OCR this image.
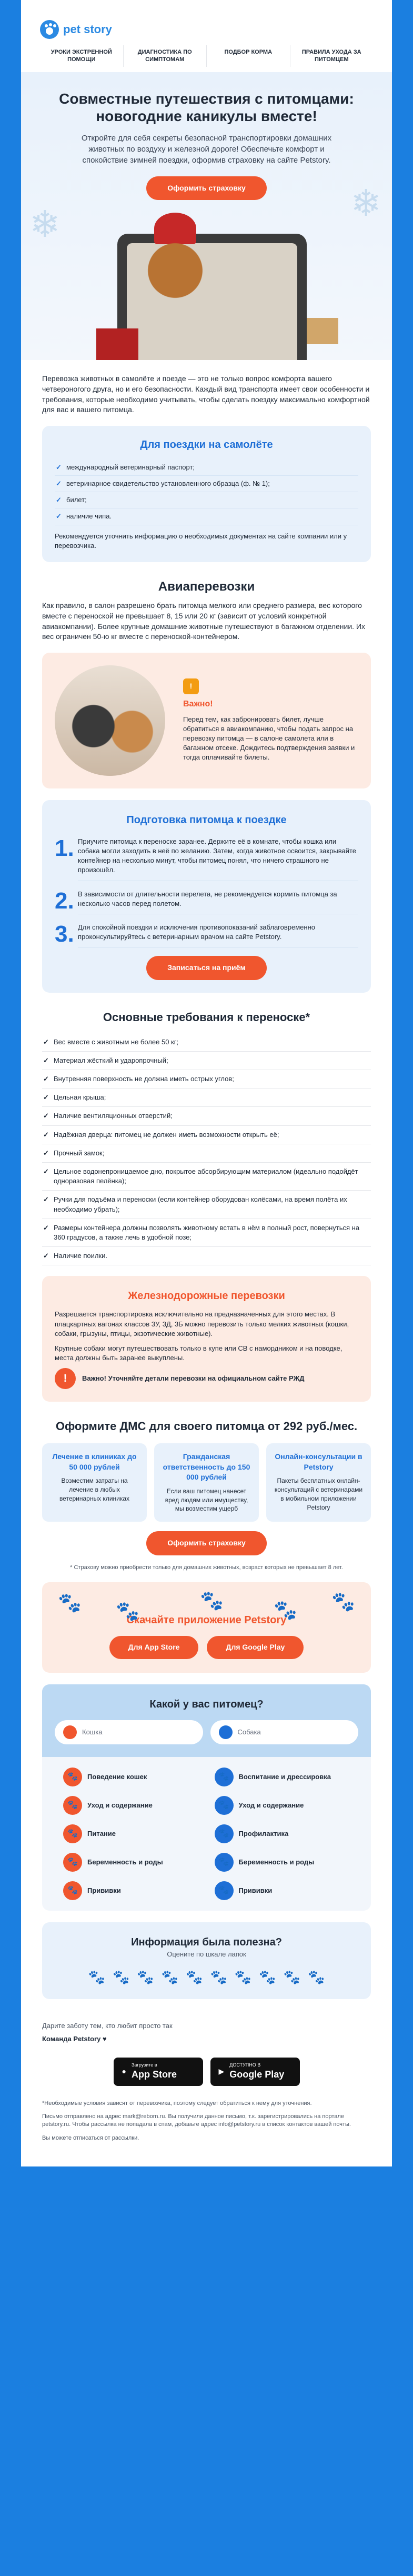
pet story
УРОКИ ЭКСТРЕННОЙ ПОМОЩИ
ДИАГНОСТИКА ПО СИМПТОМАМ
ПОДБОР КОРМА	ПРАВИЛА УХОДА ЗА ПИТОМЦЕМ
❄
❄
Совместные путешествия с питомцами: новогодние каникулы вместе!

Откройте для себя секреты безопасной транспортировки домашних животных по воздуху и железной дороге! Обеспечьте комфорт и спокойствие зимней поездки, оформив страховку на сайте Petstory.

Оформить страховку

Перевозка животных в самолёте и поезде — это не только вопрос комфорта вашего четвероногого друга, но и его безопасности. Каждый вид транспорта имеет свои особенности и требования, которые необходимо учитывать, чтобы сделать поездку максимально комфортной для вас и вашего питомца.

Для поездки на самолёте
✓ международный ветеринарный паспорт;
✓ ветеринарное свидетельство установленного образца (ф. № 1);
✓ билет;
✓ наличие чипа.

Рекомендуется уточнить информацию о необходимых документах на сайте компании или у перевозчика.

Авиаперевозки

Как правило, в салон разрешено брать питомца мелкого или среднего размера, вес которого вместе с переноской не превышает 8, 15 или 20 кг (зависит от условий конкретной авиакомпании). Более крупные домашние животные путешествуют в багажном отделении. Их вес ограничен 50-ю кг вместе с переноской-контейнером.

!
Важно!

Перед тем, как забронировать билет, лучше обратиться в авиакомпанию, чтобы подать запрос на перевозку питомца — в салоне самолета или в багажном отсеке. Дождитесь подтверждения заявки и тогда оплачивайте билеты.

Подготовка питомца к поездке
1. Приучите питомца к переноске заранее. Держите её в комнате, чтобы кошка или собака могли заходить в неё по желанию. Затем, когда животное освоится, закрывайте контейнер на несколько минут, чтобы питомец понял, что ничего страшного не произошёл.
2. В зависимости от длительности перелета, не рекомендуется кормить питомца за несколько часов перед полетом.
3. Для спокойной поездки и исключения противопоказаний заблаговременно проконсультируйтесь с ветеринарным врачом на сайте Petstory.
Записаться на приём
Основные требования к переноске*
✓ Вес вместе с животным не более 50 кг;
✓ Материал жёсткий и ударопрочный;
✓ Внутренняя поверхность не должна иметь острых углов;
✓ Цельная крыша;
✓ Наличие вентиляционных отверстий;
✓ Надёжная дверца: питомец не должен иметь возможности открыть её;
✓ Прочный замок;
✓ Цельное водонепроницаемое дно, покрытое абсорбирующим материалом (идеально подойдёт одноразовая пелёнка);
✓ Ручки для подъёма и переноски (если контейнер оборудован колёсами, на время полёта их необходимо убрать);
✓ Размеры контейнера должны позволять животному встать в нём в полный рост, повернуться на 360 градусов, а также лечь в удобной позе;
✓ Наличие поилки.
Железнодорожные перевозки

Разрешается транспортировка исключительно на предназначенных для этого местах. В плацкартных вагонах классов 3У, 3Д, 3Б можно перевозить только мелких животных (кошки, собаки, грызуны, птицы, экзотические животные).

Крупные собаки могут путешествовать только в купе или СВ с намордником и на поводке, места должны быть заранее выкуплены.

!	Важно! Уточняйте детали перевозки на официальном сайте РЖД
Оформите ДМС для своего питомца от 292 руб./мес.
Лечение в клиниках до 50 000 рублей
Возместим затраты на лечение в любых ветеринарных клиниках
Гражданская ответственность до 150 000 рублей
Если ваш питомец нанесет вред людям или имуществу, мы возместим ущерб
Онлайн-консультации в Petstory
Пакеты бесплатных онлайн-консультаций с ветеринарами в мобильном приложении Petstory
Оформить страховку

* Страхову можно приобрести только для домашних животных, возраст которых не превышает 8 лет.

🐾 🐾	🐾	🐾 🐾
Скачайте приложение Petstory
Для App Store	Для Google Play
Какой у вас питомец?
Кошка	Собака
🐾	Поведение кошек	🐾	Воспитание и дрессировка
🐾	Уход и содержание	🐾	Уход и содержание
🐾	Питание	🐾	Профилактика
🐾	Беременность и роды	🐾	Беременность и роды
🐾	Прививки	🐾	Прививки
Информация была полезна?

Оцените по шкале лапок

🐾 🐾 🐾 🐾 🐾 🐾 🐾 🐾 🐾 🐾

Дарите заботу тем, кто любит просто так

Команда Petstory ♥

●
Загрузите в
App Store	▶
ДОСТУПНО В
Google Play

*Необходимые условия зависят от перевозчика, поэтому следует обратиться к нему для уточнения.

Письмо отправлено на адрес mark@reborn.ru. Вы получили данное письмо, т.к. зарегистрировались на портале petstory.ru. Чтобы рассылка не попадала в спам, добавьте адрес info@petstory.ru в список контактов вашей почты.

Вы можете отписаться от рассылки.
